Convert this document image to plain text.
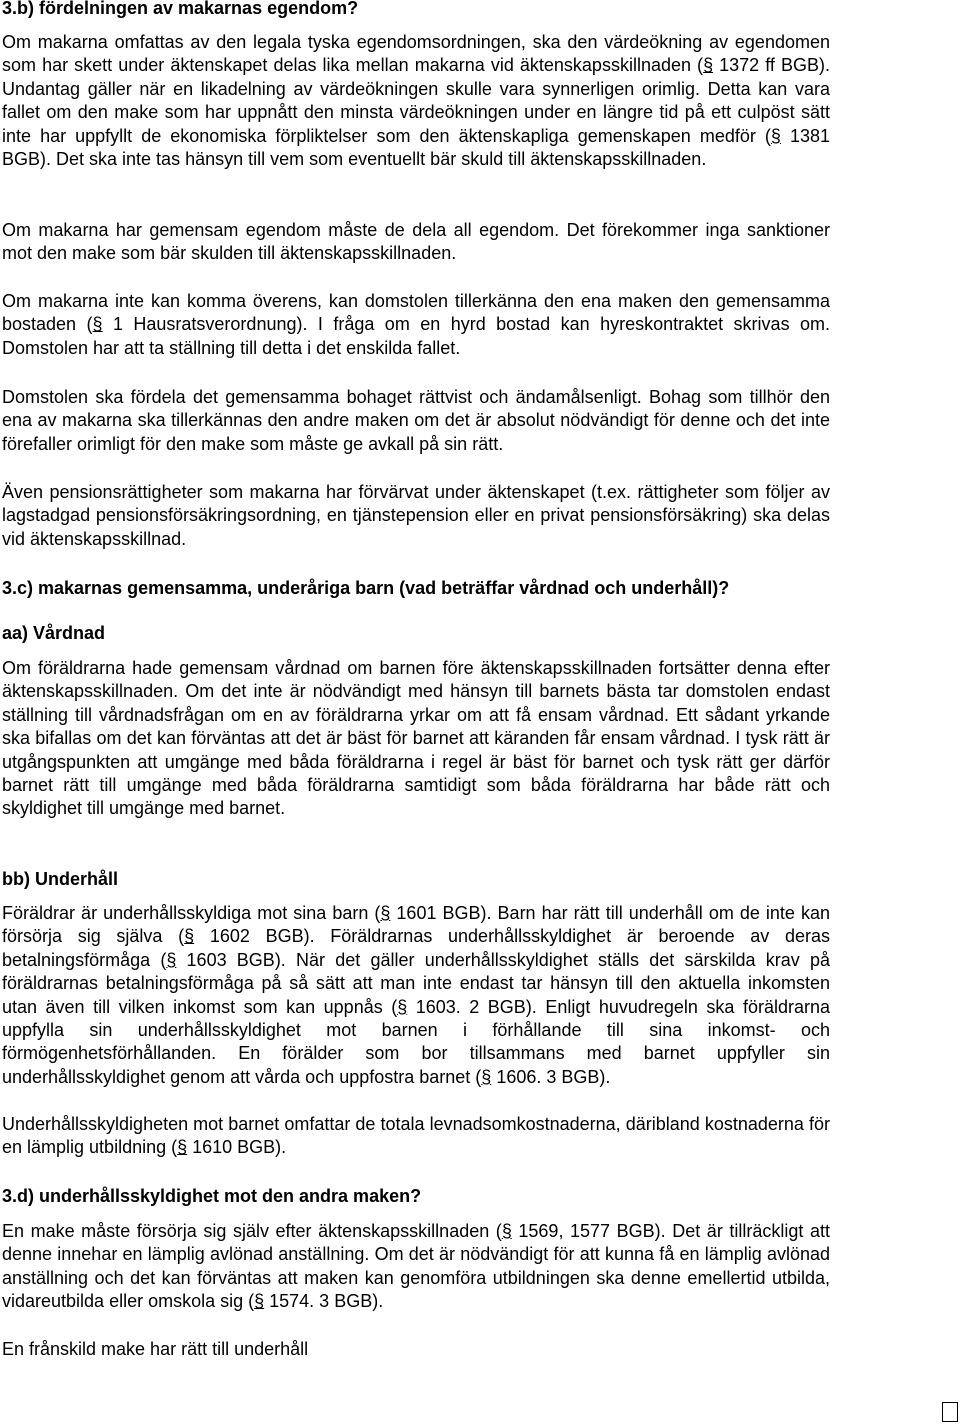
3.b) fördelningen av makarnas egendom?

Om makarna omfattas av den legala tyska egendomsordningen, ska den värdeökning av egendomen som har skett under äktenskapet delas lika mellan makarna vid äktenskapsskillnaden (§ 1372 ff BGB). Undantag gäller när en likadelning av värdeökningen skulle vara synnerligen orimlig. Detta kan vara fallet om den make som har uppnått den minsta värdeökningen under en längre tid på ett culpöst sätt inte har uppfyllt de ekonomiska förpliktelser som den äktenskapliga gemenskapen medför (§ 1381 BGB). Det ska inte tas hänsyn till vem som eventuellt bär skuld till äktenskapsskillnaden.

Om makarna har gemensam egendom måste de dela all egendom. Det förekommer inga sanktioner mot den make som bär skulden till äktenskapsskillnaden.

Om makarna inte kan komma överens, kan domstolen tillerkänna den ena maken den gemensamma bostaden (§ 1 Hausratsverordnung). I fråga om en hyrd bostad kan hyreskontraktet skrivas om. Domstolen har att ta ställning till detta i det enskilda fallet.

Domstolen ska fördela det gemensamma bohaget rättvist och ändamålsenligt. Bohag som tillhör den ena av makarna ska tillerkännas den andre maken om det är absolut nödvändigt för denne och det inte förefaller orimligt för den make som måste ge avkall på sin rätt.

Även pensionsrättigheter som makarna har förvärvat under äktenskapet (t.ex. rättigheter som följer av lagstadgad pensionsförsäkringsordning, en tjänstepension eller en privat pensionsförsäkring) ska delas vid äktenskapsskillnad.

3.c) makarnas gemensamma, underåriga barn (vad beträffar vårdnad och underhåll)?

aa) Vårdnad

Om föräldrarna hade gemensam vårdnad om barnen före äktenskapsskillnaden fortsätter denna efter äktenskapsskillnaden. Om det inte är nödvändigt med hänsyn till barnets bästa tar domstolen endast ställning till vårdnadsfrågan om en av föräldrarna yrkar om att få ensam vårdnad. Ett sådant yrkande ska bifallas om det kan förväntas att det är bäst för barnet att käranden får ensam vårdnad. I tysk rätt är utgångspunkten att umgänge med båda föräldrarna i regel är bäst för barnet och tysk rätt ger därför barnet rätt till umgänge med båda föräldrarna samtidigt som båda föräldrarna har både rätt och skyldighet till umgänge med barnet.

bb) Underhåll

Föräldrar är underhållsskyldiga mot sina barn (§ 1601 BGB). Barn har rätt till underhåll om de inte kan försörja sig själva (§ 1602 BGB). Föräldrarnas underhållsskyldighet är beroende av deras betalningsförmåga (§ 1603 BGB). När det gäller underhållsskyldighet ställs det särskilda krav på föräldrarnas betalningsförmåga på så sätt att man inte endast tar hänsyn till den aktuella inkomsten utan även till vilken inkomst som kan uppnås (§ 1603. 2 BGB). Enligt huvudregeln ska föräldrarna uppfylla sin underhållsskyldighet mot barnen i förhållande till sina inkomst- och förmögenhetsförhållanden. En förälder som bor tillsammans med barnet uppfyller sin underhållsskyldighet genom att vårda och uppfostra barnet (§ 1606. 3 BGB).

Underhållsskyldigheten mot barnet omfattar de totala levnadsomkostnaderna, däribland kostnaderna för en lämplig utbildning (§ 1610 BGB).

3.d) underhållsskyldighet mot den andra maken?

En make måste försörja sig själv efter äktenskapsskillnaden (§ 1569, 1577 BGB). Det är tillräckligt att denne innehar en lämplig avlönad anställning. Om det är nödvändigt för att kunna få en lämplig avlönad anställning och det kan förväntas att maken kan genomföra utbildningen ska denne emellertid utbilda, vidareutbilda eller omskola sig (§ 1574. 3 BGB).

En frånskild make har rätt till underhåll
